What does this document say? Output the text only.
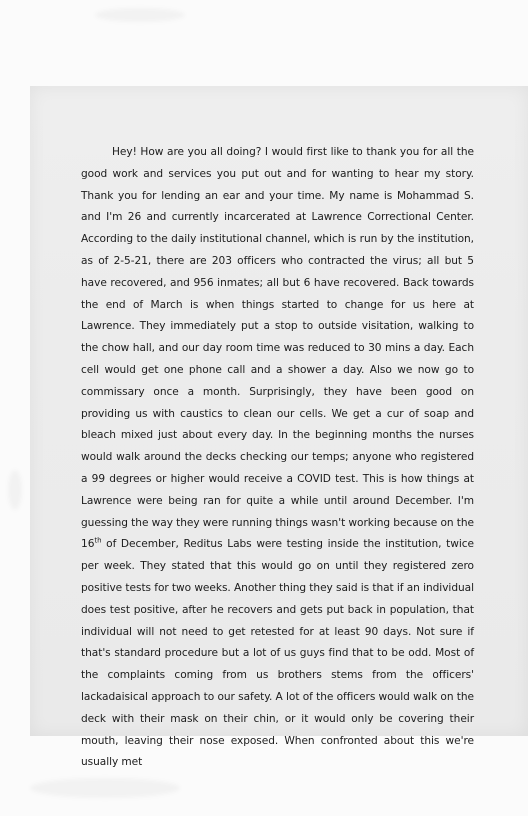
Hey! How are you all doing? I would first like to thank you for all the good work and services you put out and for wanting to hear my story. Thank you for lending an ear and your time. My name is Mohammad S. and I'm 26 and currently incarcerated at Lawrence Correctional Center. According to the daily institutional channel, which is run by the institution, as of 2-5-21, there are 203 officers who contracted the virus; all but 5 have recovered, and 956 inmates; all but 6 have recovered. Back towards the end of March is when things started to change for us here at Lawrence. They immediately put a stop to outside visitation, walking to the chow hall, and our day room time was reduced to 30 mins a day. Each cell would get one phone call and a shower a day. Also we now go to commissary once a month. Surprisingly, they have been good on providing us with caustics to clean our cells. We get a cur of soap and bleach mixed just about every day. In the beginning months the nurses would walk around the decks checking our temps; anyone who registered a 99 degrees or higher would receive a COVID test. This is how things at Lawrence were being ran for quite a while until around December. I'm guessing the way they were running things wasn't working because on the 16th of December, Reditus Labs were testing inside the institution, twice per week. They stated that this would go on until they registered zero positive tests for two weeks. Another thing they said is that if an individual does test positive, after he recovers and gets put back in population, that individual will not need to get retested for at least 90 days. Not sure if that's standard procedure but a lot of us guys find that to be odd. Most of the complaints coming from us brothers stems from the officers' lackadaisical approach to our safety. A lot of the officers would walk on the deck with their mask on their chin, or it would only be covering their mouth, leaving their nose exposed. When confronted about this we're usually met
